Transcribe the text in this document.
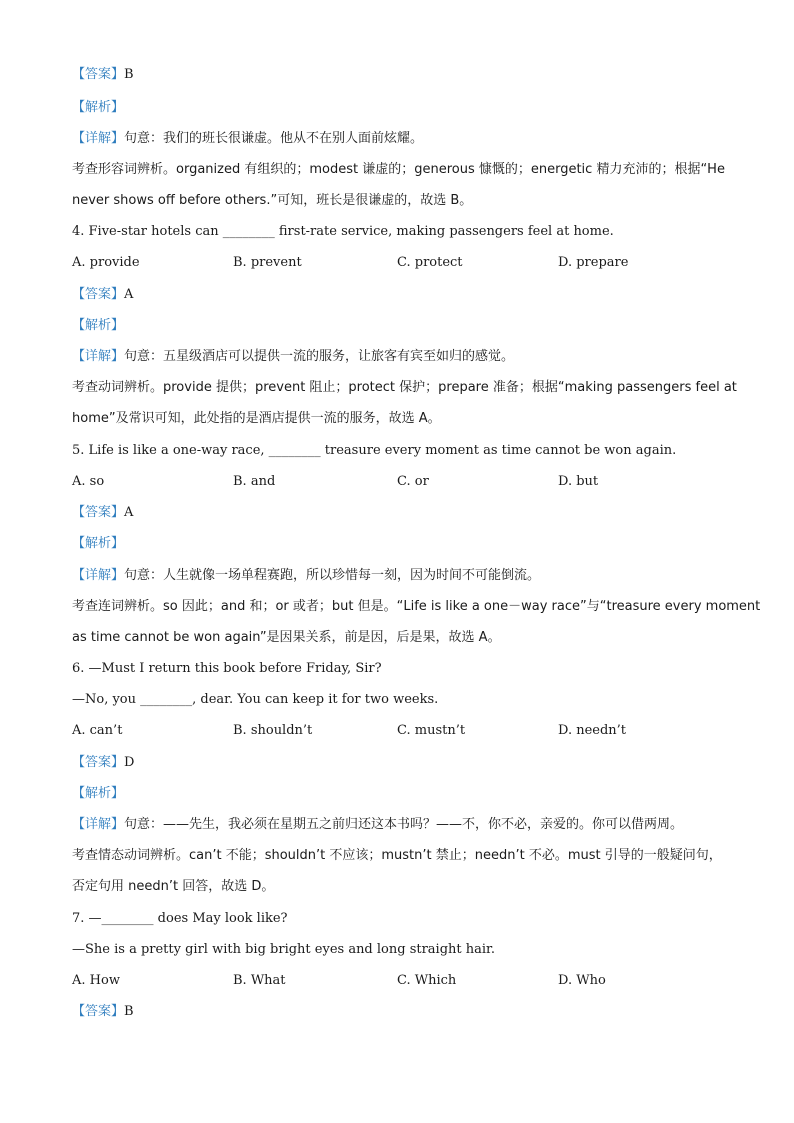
【答案】B
【解析】
【详解】句意：我们的班长很谦虚。他从不在别人面前炫耀。
考查形容词辨析。organized 有组织的；modest 谦虚的；generous 慷慨的；energetic 精力充沛的；根据“He
never shows off before others.”可知，班长是很谦虚的，故选 B。
4. Five-star hotels can ________ first-rate service, making passengers feel at home.
A. provide	B. prevent	C. protect	D. prepare
【答案】A
【解析】
【详解】句意：五星级酒店可以提供一流的服务，让旅客有宾至如归的感觉。
考查动词辨析。provide 提供；prevent 阻止；protect 保护；prepare 准备；根据“making passengers feel at
home”及常识可知，此处指的是酒店提供一流的服务，故选 A。
5. Life is like a one-way race, ________ treasure every moment as time cannot be won again.
A. so	B. and	C. or	D. but
【答案】A
【解析】
【详解】句意：人生就像一场单程赛跑，所以珍惜每一刻，因为时间不可能倒流。
考查连词辨析。so 因此；and 和；or 或者；but 但是。“Life is like a one－way race”与“treasure every moment
as time cannot be won again”是因果关系，前是因，后是果，故选 A。
6. —Must I return this book before Friday, Sir?
—No, you ________, dear. You can keep it for two weeks.
A. can’t	B. shouldn’t	C. mustn’t	D. needn’t
【答案】D
【解析】
【详解】句意：——先生，我必须在星期五之前归还这本书吗？——不，你不必，亲爱的。你可以借两周。
考查情态动词辨析。can’t 不能；shouldn’t 不应该；mustn’t 禁止；needn’t 不必。must 引导的一般疑问句，
否定句用 needn’t 回答，故选 D。
7. —________ does May look like?
—She is a pretty girl with big bright eyes and long straight hair.
A. How	B. What	C. Which	D. Who
【答案】B
